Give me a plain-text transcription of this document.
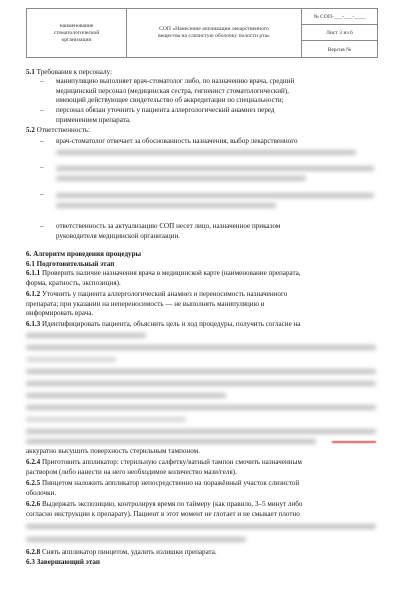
наименование
стоматологической
организации
СОП «Нанесение аппликации лекарственного
вещества на слизистую оболочку полости рта»
№ СОП-___-___-____
Лист 3 из 6
Версия №
5.1 Требования к персоналу:
– манипуляцию выполняет врач-стоматолог либо, по назначению врача, средний
медицинский персонал (медицинская сестра, гигиенист стоматологический),
имеющий действующее свидетельство об аккредитации по специальности;
– персонал обязан уточнить у пациента аллергологический анамнез перед
применением препарата.
5.2 Ответственность:
– врач-стоматолог отвечает за обоснованность назначения, выбор лекарственного
–
–
– ответственность за актуализацию СОП несет лицо, назначенное приказом
руководителя медицинской организации.
6. Алгоритм проведения процедуры
6.1 Подготовительный этап
6.1.1 Проверить наличие назначения врача в медицинской карте (наименование препарата,
форма, кратность, экспозиция).
6.1.2 Уточнить у пациента аллергологический анамнез и переносимость назначенного
препарата; при указании на непереносимость — не выполнять манипуляцию и
информировать врача.
6.1.3 Идентифицировать пациента, объяснить цель и ход процедуры, получить согласие на
аккуратно высушить поверхность стерильным тампоном.
6.2.4 Приготовить аппликатор: стерильную салфетку/ватный тампон смочить назначенным
раствором (либо нанести на него необходимое количество мази/геля).
6.2.5 Пинцетом наложить аппликатор непосредственно на поражённый участок слизистой
оболочки.
6.2.6 Выдержать экспозицию, контролируя время по таймеру (как правило, 3–5 минут либо
согласно инструкции к препарату). Пациент в этот момент не глотает и не смыкает плотно
6.2.8 Снять аппликатор пинцетом, удалить излишки препарата.
6.3 Завершающий этап
